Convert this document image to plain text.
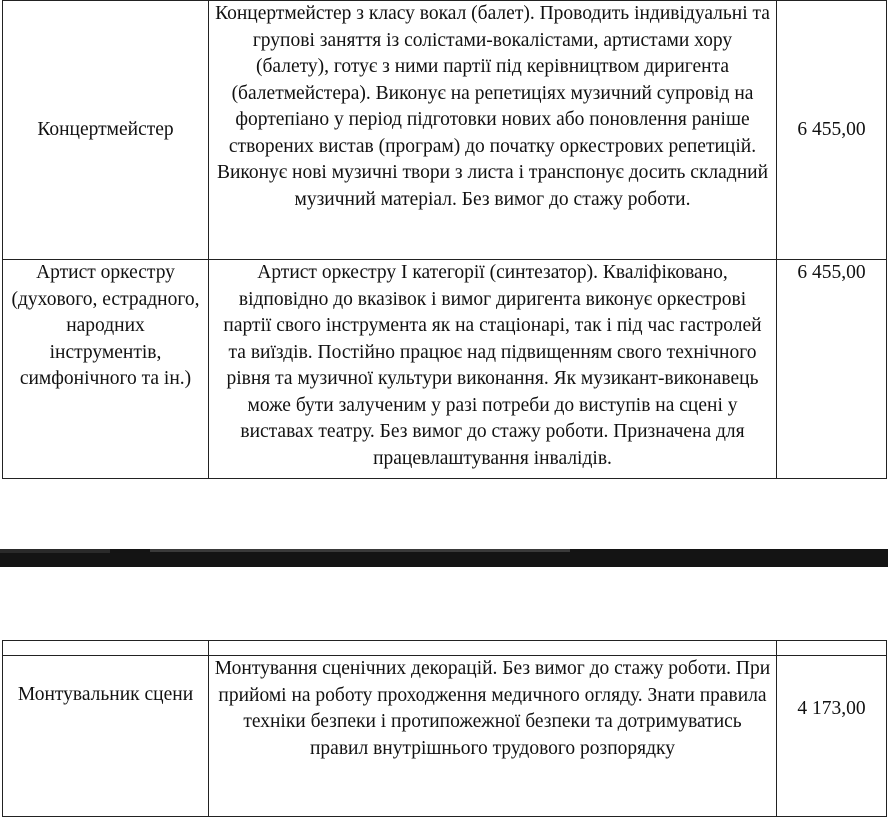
Концертмейстер	Концертмейстер з класу вокал (балет). Проводить індивідуальні та групові заняття із солістами-вокалістами, артистами хору (балету), готує з ними партії під керівництвом диригента (балетмейстера). Виконує на репетиціях музичний супровід на фортепіано у період підготовки нових або поновлення раніше створених вистав (програм) до початку оркестрових репетицій. Виконує нові музичні твори з листа і транспонує досить складний музичний матеріал. Без вимог до стажу роботи.	6 455,00
Артист оркестру (духового, естрадного, народних інструментів, симфонічного та ін.)	Артист оркестру І категорії (синтезатор). Кваліфіковано, відповідно до вказівок і вимог диригента виконує оркестрові партії свого інструмента як на стаціонарі, так і під час гастролей та виїздів. Постійно працює над підвищенням свого технічного рівня та музичної культури виконання. Як музикант-виконавець може бути залученим у разі потреби до виступів на сцені у виставах театру. Без вимог до стажу роботи. Призначена для працевлаштування інвалідів.	6 455,00

Монтувальник сцени	Монтування сценічних декорацій. Без вимог до стажу роботи. При прийомі на роботу проходження медичного огляду. Знати правила техніки безпеки і протипожежної безпеки та дотримуватись правил внутрішнього трудового розпорядку	4 173,00
